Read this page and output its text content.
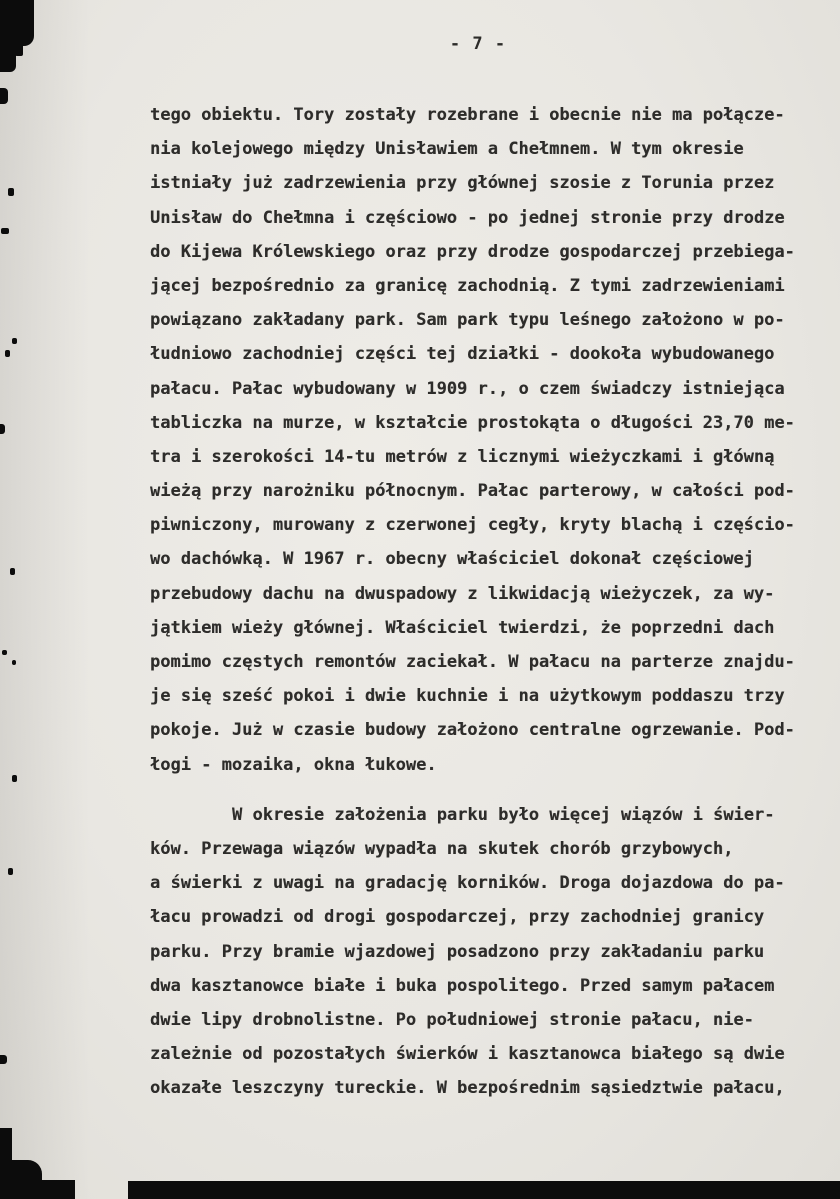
- 7 -
tego obiektu. Tory zostały rozebrane i obecnie nie ma połącze-
nia kolejowego między Unisławiem a Chełmnem. W tym okresie
istniały już zadrzewienia przy głównej szosie z Torunia przez
Unisław do Chełmna i częściowo - po jednej stronie przy drodze
do Kijewa Królewskiego oraz przy drodze gospodarczej przebiega-
jącej bezpośrednio za granicę zachodnią. Z tymi zadrzewieniami
powiązano zakładany park. Sam park typu leśnego założono w po-
łudniowo zachodniej części tej działki - dookoła wybudowanego
pałacu. Pałac wybudowany w 1909 r., o czem świadczy istniejąca
tabliczka na murze, w kształcie prostokąta o długości 23,70 me-
tra i szerokości 14-tu metrów z licznymi wieżyczkami i główną
wieżą przy narożniku północnym. Pałac parterowy, w całości pod-
piwniczony, murowany z czerwonej cegły, kryty blachą i częścio-
wo dachówką. W 1967 r. obecny właściciel dokonał częściowej
przebudowy dachu na dwuspadowy z likwidacją wieżyczek, za wy-
jątkiem wieży głównej. Właściciel twierdzi, że poprzedni dach
pomimo częstych remontów zaciekał. W pałacu na parterze znajdu-
je się sześć pokoi i dwie kuchnie i na użytkowym poddaszu trzy
pokoje. Już w czasie budowy założono centralne ogrzewanie. Pod-
łogi - mozaika, okna łukowe.
W okresie założenia parku było więcej wiązów i świer-
ków. Przewaga wiązów wypadła na skutek chorób grzybowych,
a świerki z uwagi na gradację korników. Droga dojazdowa do pa-
łacu prowadzi od drogi gospodarczej, przy zachodniej granicy
parku. Przy bramie wjazdowej posadzono przy zakładaniu parku
dwa kasztanowce białe i buka pospolitego. Przed samym pałacem
dwie lipy drobnolistne. Po południowej stronie pałacu, nie-
zależnie od pozostałych świerków i kasztanowca białego są dwie
okazałe leszczyny tureckie. W bezpośrednim sąsiedztwie pałacu,
